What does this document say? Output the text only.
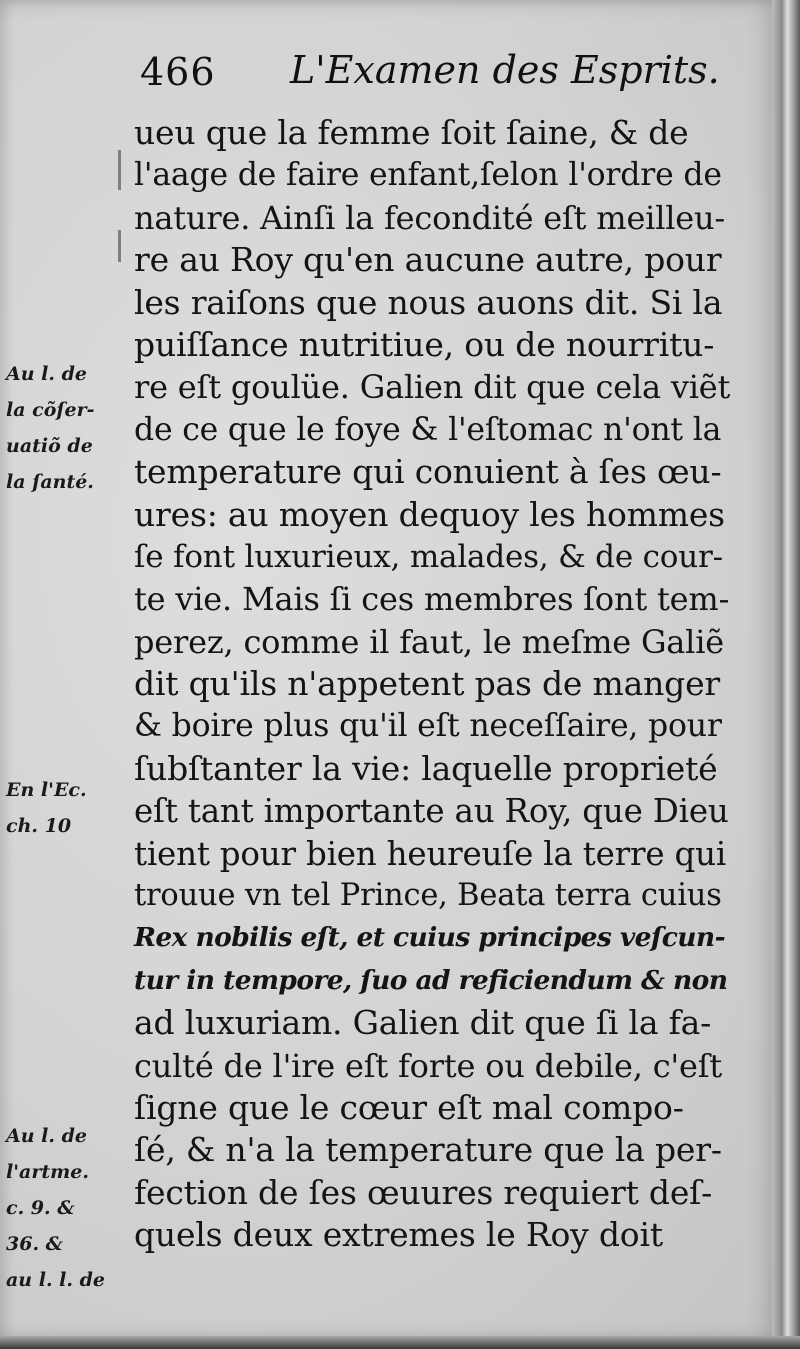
466 L'Examen des Esprits.
ueu que la femme ſoit ſaine, & de
l'aage de faire enfant,ſelon l'ordre de
nature. Ainſi la fecondité eſt meilleu-
re au Roy qu'en aucune autre, pour
les raiſons que nous auons dit. Si la
puiſſance nutritiue, ou de nourritu-
re eſt goulüe. Galien dit que cela viẽt
de ce que le foye & l'eſtomac n'ont la
temperature qui conuient à ſes œu-
ures: au moyen dequoy les hommes
ſe font luxurieux, malades, & de cour-
te vie. Mais ſi ces membres ſont tem-
perez, comme il faut, le meſme Galiẽ
dit qu'ils n'appetent pas de manger
& boire plus qu'il eſt neceſſaire, pour
ſubſtanter la vie: laquelle proprieté
eſt tant importante au Roy, que Dieu
tient pour bien heureuſe la terre qui
trouue vn tel Prince, Beata terra cuius
Rex nobilis eſt, et cuius principes veſcun-
tur in tempore, ſuo ad reficiendum & non
ad luxuriam. Galien dit que ſi la fa-
culté de l'ire eſt forte ou debile, c'eſt
ſigne que le cœur eſt mal compo-
ſé, & n'a la temperature que la per-
fection de ſes œuures requiert deſ-
quels deux extremes le Roy doit
Au l. de
la cõſer-
uatiõ de
la ſanté.
En l'Ec.
ch. 10
Au l. de
l'artme.
c. 9. &
36. &
au l. l. de
